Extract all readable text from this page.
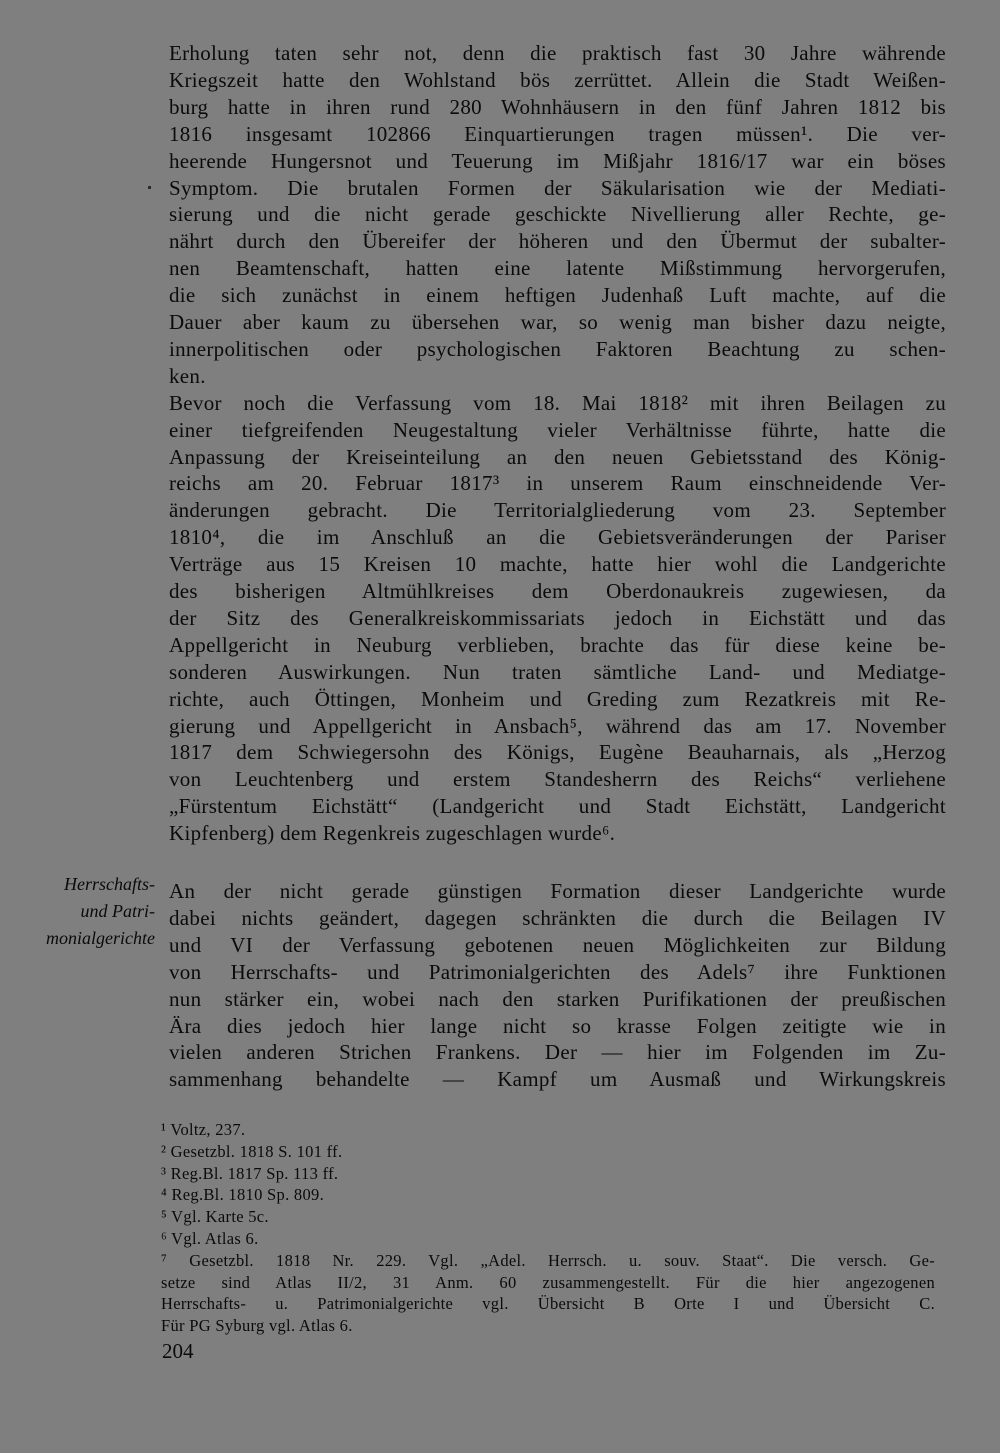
Erholung taten sehr not, denn die praktisch fast 30 Jahre währende
Kriegszeit hatte den Wohlstand bös zerrüttet. Allein die Stadt Weißen-
burg hatte in ihren rund 280 Wohnhäusern in den fünf Jahren 1812 bis
1816 insgesamt 102866 Einquartierungen tragen müssen¹. Die ver-
heerende Hungersnot und Teuerung im Mißjahr 1816/17 war ein böses
Symptom. Die brutalen Formen der Säkularisation wie der Mediati-
sierung und die nicht gerade geschickte Nivellierung aller Rechte, ge-
nährt durch den Übereifer der höheren und den Übermut der subalter-
nen Beamtenschaft, hatten eine latente Mißstimmung hervorgerufen,
die sich zunächst in einem heftigen Judenhaß Luft machte, auf die
Dauer aber kaum zu übersehen war, so wenig man bisher dazu neigte,
innerpolitischen oder psychologischen Faktoren Beachtung zu schen-
ken.
Bevor noch die Verfassung vom 18. Mai 1818² mit ihren Beilagen zu
einer tiefgreifenden Neugestaltung vieler Verhältnisse führte, hatte die
Anpassung der Kreiseinteilung an den neuen Gebietsstand des König-
reichs am 20. Februar 1817³ in unserem Raum einschneidende Ver-
änderungen gebracht. Die Territorialgliederung vom 23. September
1810⁴, die im Anschluß an die Gebietsveränderungen der Pariser
Verträge aus 15 Kreisen 10 machte, hatte hier wohl die Landgerichte
des bisherigen Altmühlkreises dem Oberdonaukreis zugewiesen, da
der Sitz des Generalkreiskommissariats jedoch in Eichstätt und das
Appellgericht in Neuburg verblieben, brachte das für diese keine be-
sonderen Auswirkungen. Nun traten sämtliche Land- und Mediatge-
richte, auch Öttingen, Monheim und Greding zum Rezatkreis mit Re-
gierung und Appellgericht in Ansbach⁵, während das am 17. November
1817 dem Schwiegersohn des Königs, Eugène Beauharnais, als „Herzog
von Leuchtenberg und erstem Standesherrn des Reichs“ verliehene
„Fürstentum Eichstätt“ (Landgericht und Stadt Eichstätt, Landgericht
Kipfenberg) dem Regenkreis zugeschlagen wurde⁶.
Herrschafts-
und Patri-
monialgerichte
An der nicht gerade günstigen Formation dieser Landgerichte wurde
dabei nichts geändert, dagegen schränkten die durch die Beilagen IV
und VI der Verfassung gebotenen neuen Möglichkeiten zur Bildung
von Herrschafts- und Patrimonialgerichten des Adels⁷ ihre Funktionen
nun stärker ein, wobei nach den starken Purifikationen der preußischen
Ära dies jedoch hier lange nicht so krasse Folgen zeitigte wie in
vielen anderen Strichen Frankens. Der — hier im Folgenden im Zu-
sammenhang behandelte — Kampf um Ausmaß und Wirkungskreis
¹ Voltz, 237.
² Gesetzbl. 1818 S. 101 ff.
³ Reg.Bl. 1817 Sp. 113 ff.
⁴ Reg.Bl. 1810 Sp. 809.
⁵ Vgl. Karte 5c.
⁶ Vgl. Atlas 6.
⁷ Gesetzbl. 1818 Nr. 229. Vgl. „Adel. Herrsch. u. souv. Staat“. Die versch. Ge-
setze sind Atlas II/2, 31 Anm. 60 zusammengestellt. Für die hier angezogenen
Herrschafts- u. Patrimonialgerichte vgl. Übersicht B Orte I und Übersicht C.
Für PG Syburg vgl. Atlas 6.
204
